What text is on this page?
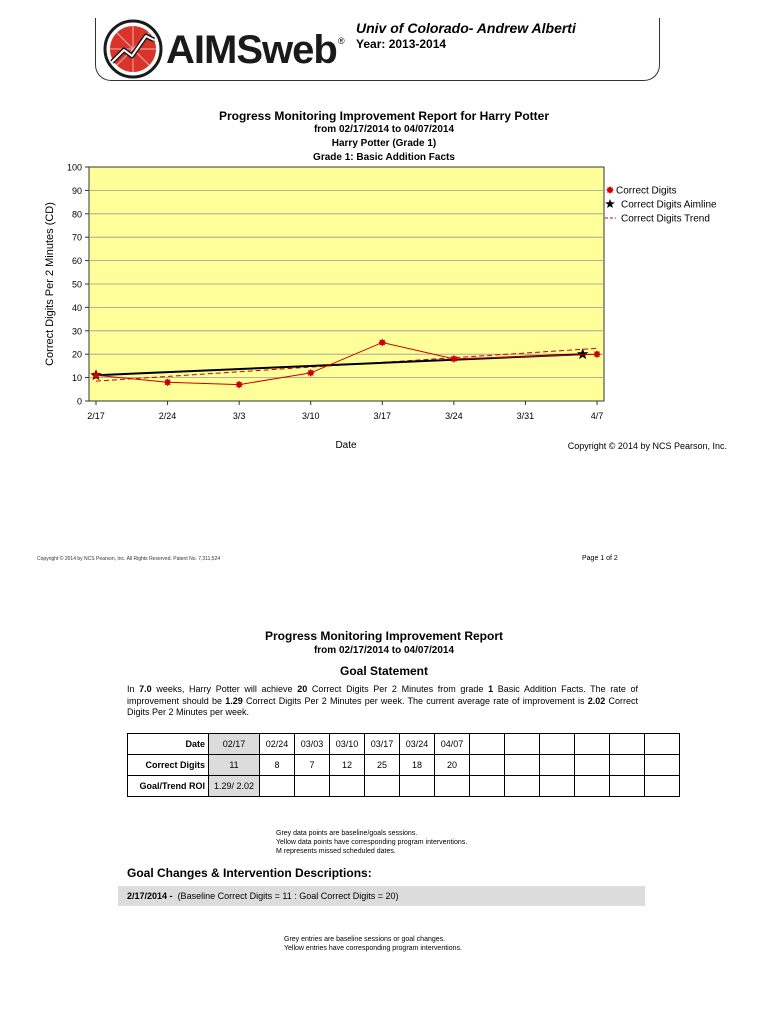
AIMSweb ®
Univ of Colorado- Andrew Alberti
Year: 2013-2014
Progress Monitoring Improvement Report for Harry Potter
from 02/17/2014 to 04/07/2014
Harry Potter (Grade 1)
Grade 1: Basic Addition Facts
0
10
20
30
40
50
60
70
80
90
100
2/17	2/24	3/3	3/10	3/17	3/24	3/31	4/7
Correct Digits Per 2 Minutes (CD)
Date
Correct Digits
Correct Digits Aimline
Correct Digits Trend
Copyright © 2014 by NCS Pearson, Inc.
Copyright © 2014 by NCS Pearson, Inc. All Rights Reserved. Patent No. 7,311,524	Page 1 of 2
Progress Monitoring Improvement Report
from 02/17/2014 to 04/07/2014
Goal Statement
In 7.0 weeks, Harry Potter will achieve 20 Correct Digits Per 2 Minutes from grade 1 Basic Addition Facts. The rate of improvement should be 1.29 Correct Digits Per 2 Minutes per week. The current average rate of improvement is 2.02 Correct Digits Per 2 Minutes per week.
Date	02/17	02/24	03/03	03/10	03/17	03/24	04/07						
Correct Digits	11	8	7	12	25	18	20						
Goal/Trend ROI	1.29/ 2.02												
Grey data points are baseline/goals sessions.
Yellow data points have corresponding program interventions.
M represents missed scheduled dates.
Goal Changes & Intervention Descriptions:
2/17/2014 - (Baseline Correct Digits = 11 : Goal Correct Digits = 20)
Grey entries are baseline sessions or goal changes.
Yellow entries have corresponding program interventions.
